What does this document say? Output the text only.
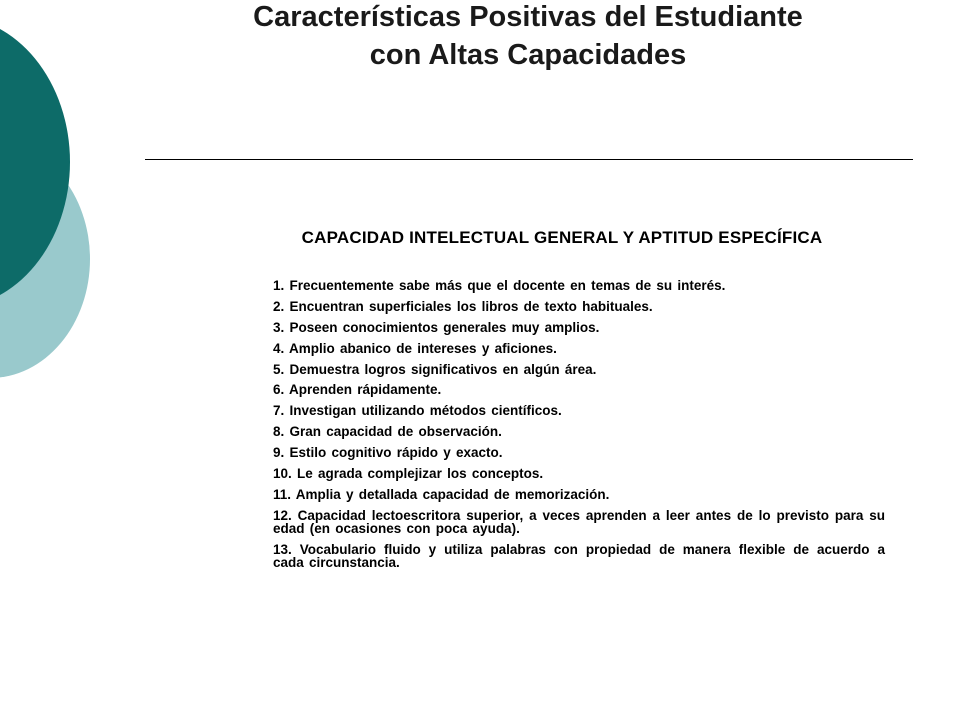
Características Positivas del Estudiante
con Altas Capacidades
CAPACIDAD INTELECTUAL GENERAL Y APTITUD ESPECÍFICA
1. Frecuentemente sabe más que el docente en temas de su interés.
2. Encuentran superficiales los libros de texto habituales.
3. Poseen conocimientos generales muy amplios.
4. Amplio abanico de intereses y aficiones.
5. Demuestra logros significativos en algún área.
6. Aprenden rápidamente.
7. Investigan utilizando métodos científicos.
8. Gran capacidad de observación.
9. Estilo cognitivo rápido y exacto.
10. Le agrada complejizar los conceptos.
11. Amplia y detallada capacidad de memorización.
12. Capacidad lectoescritora superior, a veces aprenden a leer antes de lo previsto para su edad (en ocasiones con poca ayuda).
13. Vocabulario fluido y utiliza palabras con propiedad de manera flexible de acuerdo a cada circunstancia.
